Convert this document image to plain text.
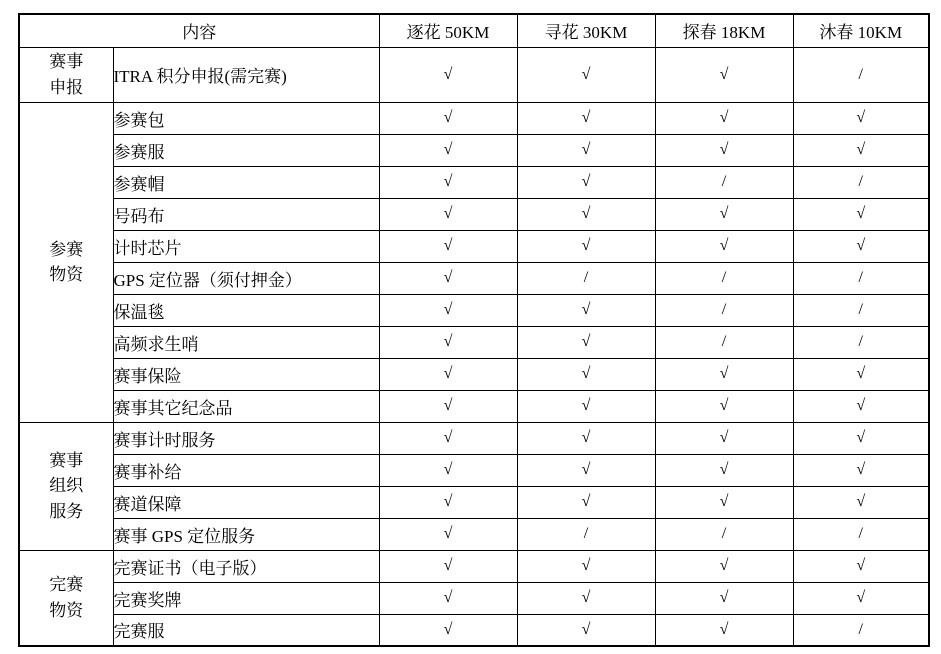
内容		逐花 50KM	寻花 30KM	探春 18KM	沐春 10KM
赛事申报	ITRA 积分申报(需完赛)	√	√	√	/
参赛物资	参赛包	√	√	√	√
	参赛服	√	√	√	√
	参赛帽	√	√	/	/
	号码布	√	√	√	√
	计时芯片	√	√	√	√
	GPS 定位器（须付押金）	√	/	/	/
	保温毯	√	√	/	/
	高频求生哨	√	√	/	/
	赛事保险	√	√	√	√
	赛事其它纪念品	√	√	√	√
赛事组织服务	赛事计时服务	√	√	√	√
	赛事补给	√	√	√	√
	赛道保障	√	√	√	√
	赛事 GPS 定位服务	√	/	/	/
完赛物资	完赛证书（电子版）	√	√	√	√
	完赛奖牌	√	√	√	√
	完赛服	√	√	√	/
